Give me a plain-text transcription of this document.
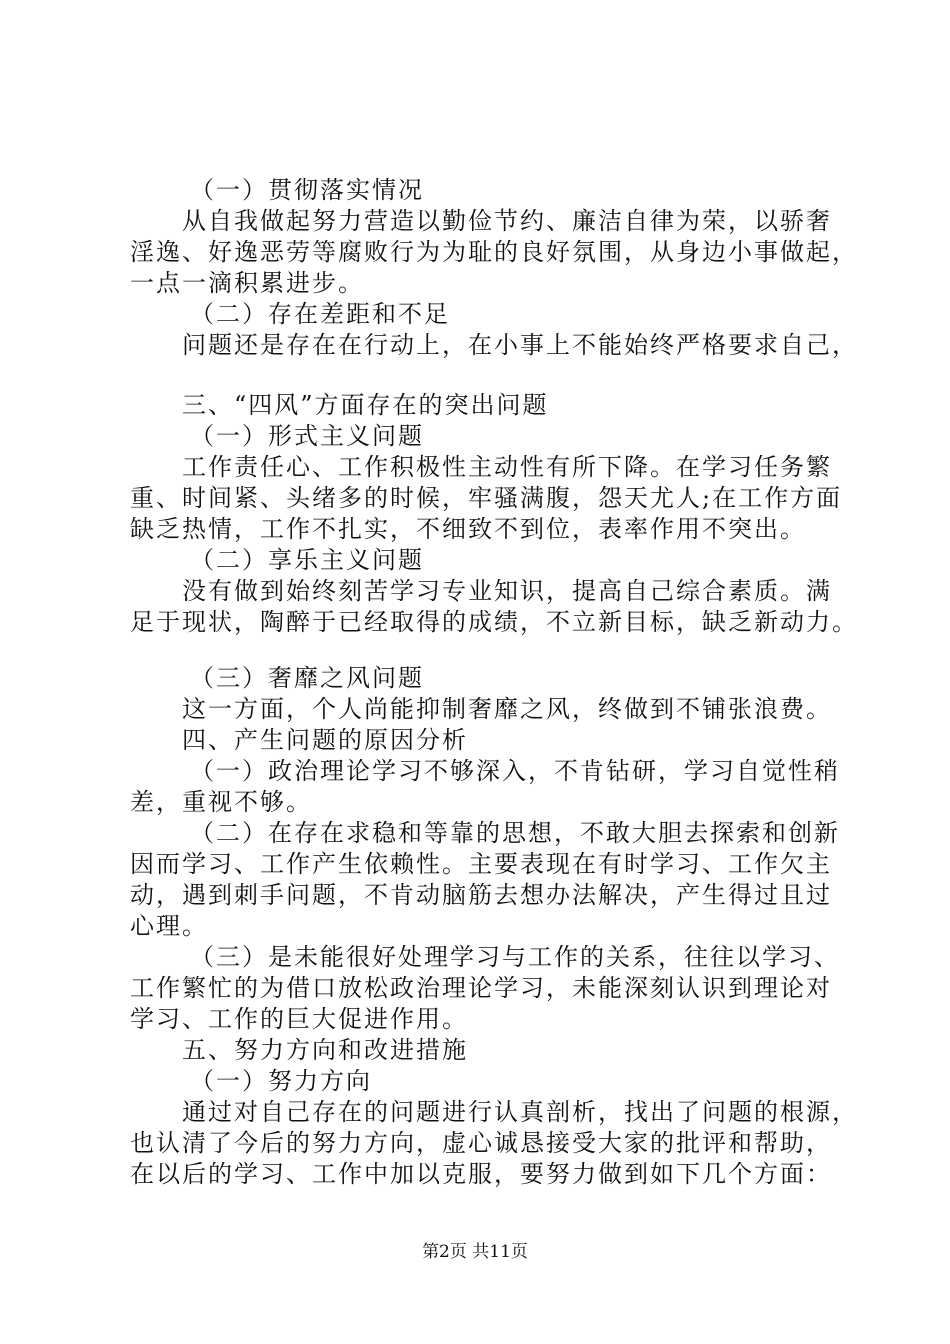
（一）贯彻落实情况
从自我做起努力营造以勤俭节约、廉洁自律为荣，以骄奢
淫逸、好逸恶劳等腐败行为为耻的良好氛围，从身边小事做起，
一点一滴积累进步。
（二）存在差距和不足
问题还是存在在行动上，在小事上不能始终严格要求自己，
三、“四风”方面存在的突出问题
（一）形式主义问题
工作责任心、工作积极性主动性有所下降。在学习任务繁
重、时间紧、头绪多的时候，牢骚满腹，怨天尤人;在工作方面
缺乏热情，工作不扎实，不细致不到位，表率作用不突出。
（二）享乐主义问题
没有做到始终刻苦学习专业知识，提高自己综合素质。满
足于现状，陶醉于已经取得的成绩，不立新目标，缺乏新动力。
（三）奢靡之风问题
这一方面，个人尚能抑制奢靡之风，终做到不铺张浪费。
四、产生问题的原因分析
（一）政治理论学习不够深入，不肯钻研，学习自觉性稍
差，重视不够。
（二）在存在求稳和等靠的思想，不敢大胆去探索和创新
因而学习、工作产生依赖性。主要表现在有时学习、工作欠主
动，遇到刺手问题，不肯动脑筋去想办法解决，产生得过且过
心理。
（三）是未能很好处理学习与工作的关系，往往以学习、
工作繁忙的为借口放松政治理论学习，未能深刻认识到理论对
学习、工作的巨大促进作用。
五、努力方向和改进措施
（一）努力方向
通过对自己存在的问题进行认真剖析，找出了问题的根源，
也认清了今后的努力方向，虚心诚恳接受大家的批评和帮助，
在以后的学习、工作中加以克服，要努力做到如下几个方面：
第2页 共11页
